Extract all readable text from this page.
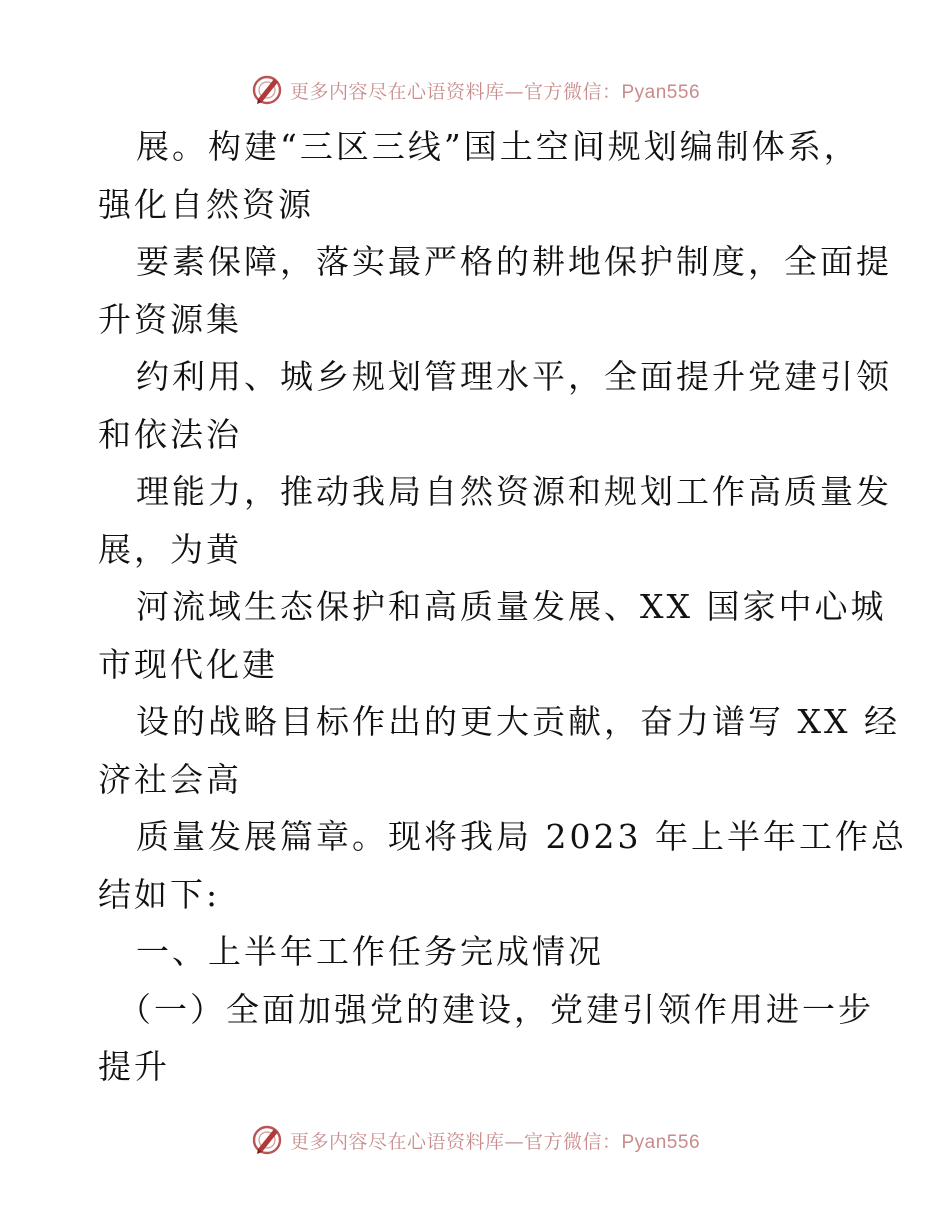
更多内容尽在心语资料库—官方微信：Pyan556
展。构建“三区三线”国土空间规划编制体系，
强化自然资源
要素保障，落实最严格的耕地保护制度，全面提
升资源集
约利用、城乡规划管理水平，全面提升党建引领
和依法治
理能力，推动我局自然资源和规划工作高质量发
展，为黄
河流域生态保护和高质量发展、XX 国家中心城
市现代化建
设的战略目标作出的更大贡献，奋力谱写 XX 经
济社会高
质量发展篇章。现将我局 2023 年上半年工作总
结如下:
一、上半年工作任务完成情况
（一）全面加强党的建设，党建引领作用进一步
提升
更多内容尽在心语资料库—官方微信：Pyan556
